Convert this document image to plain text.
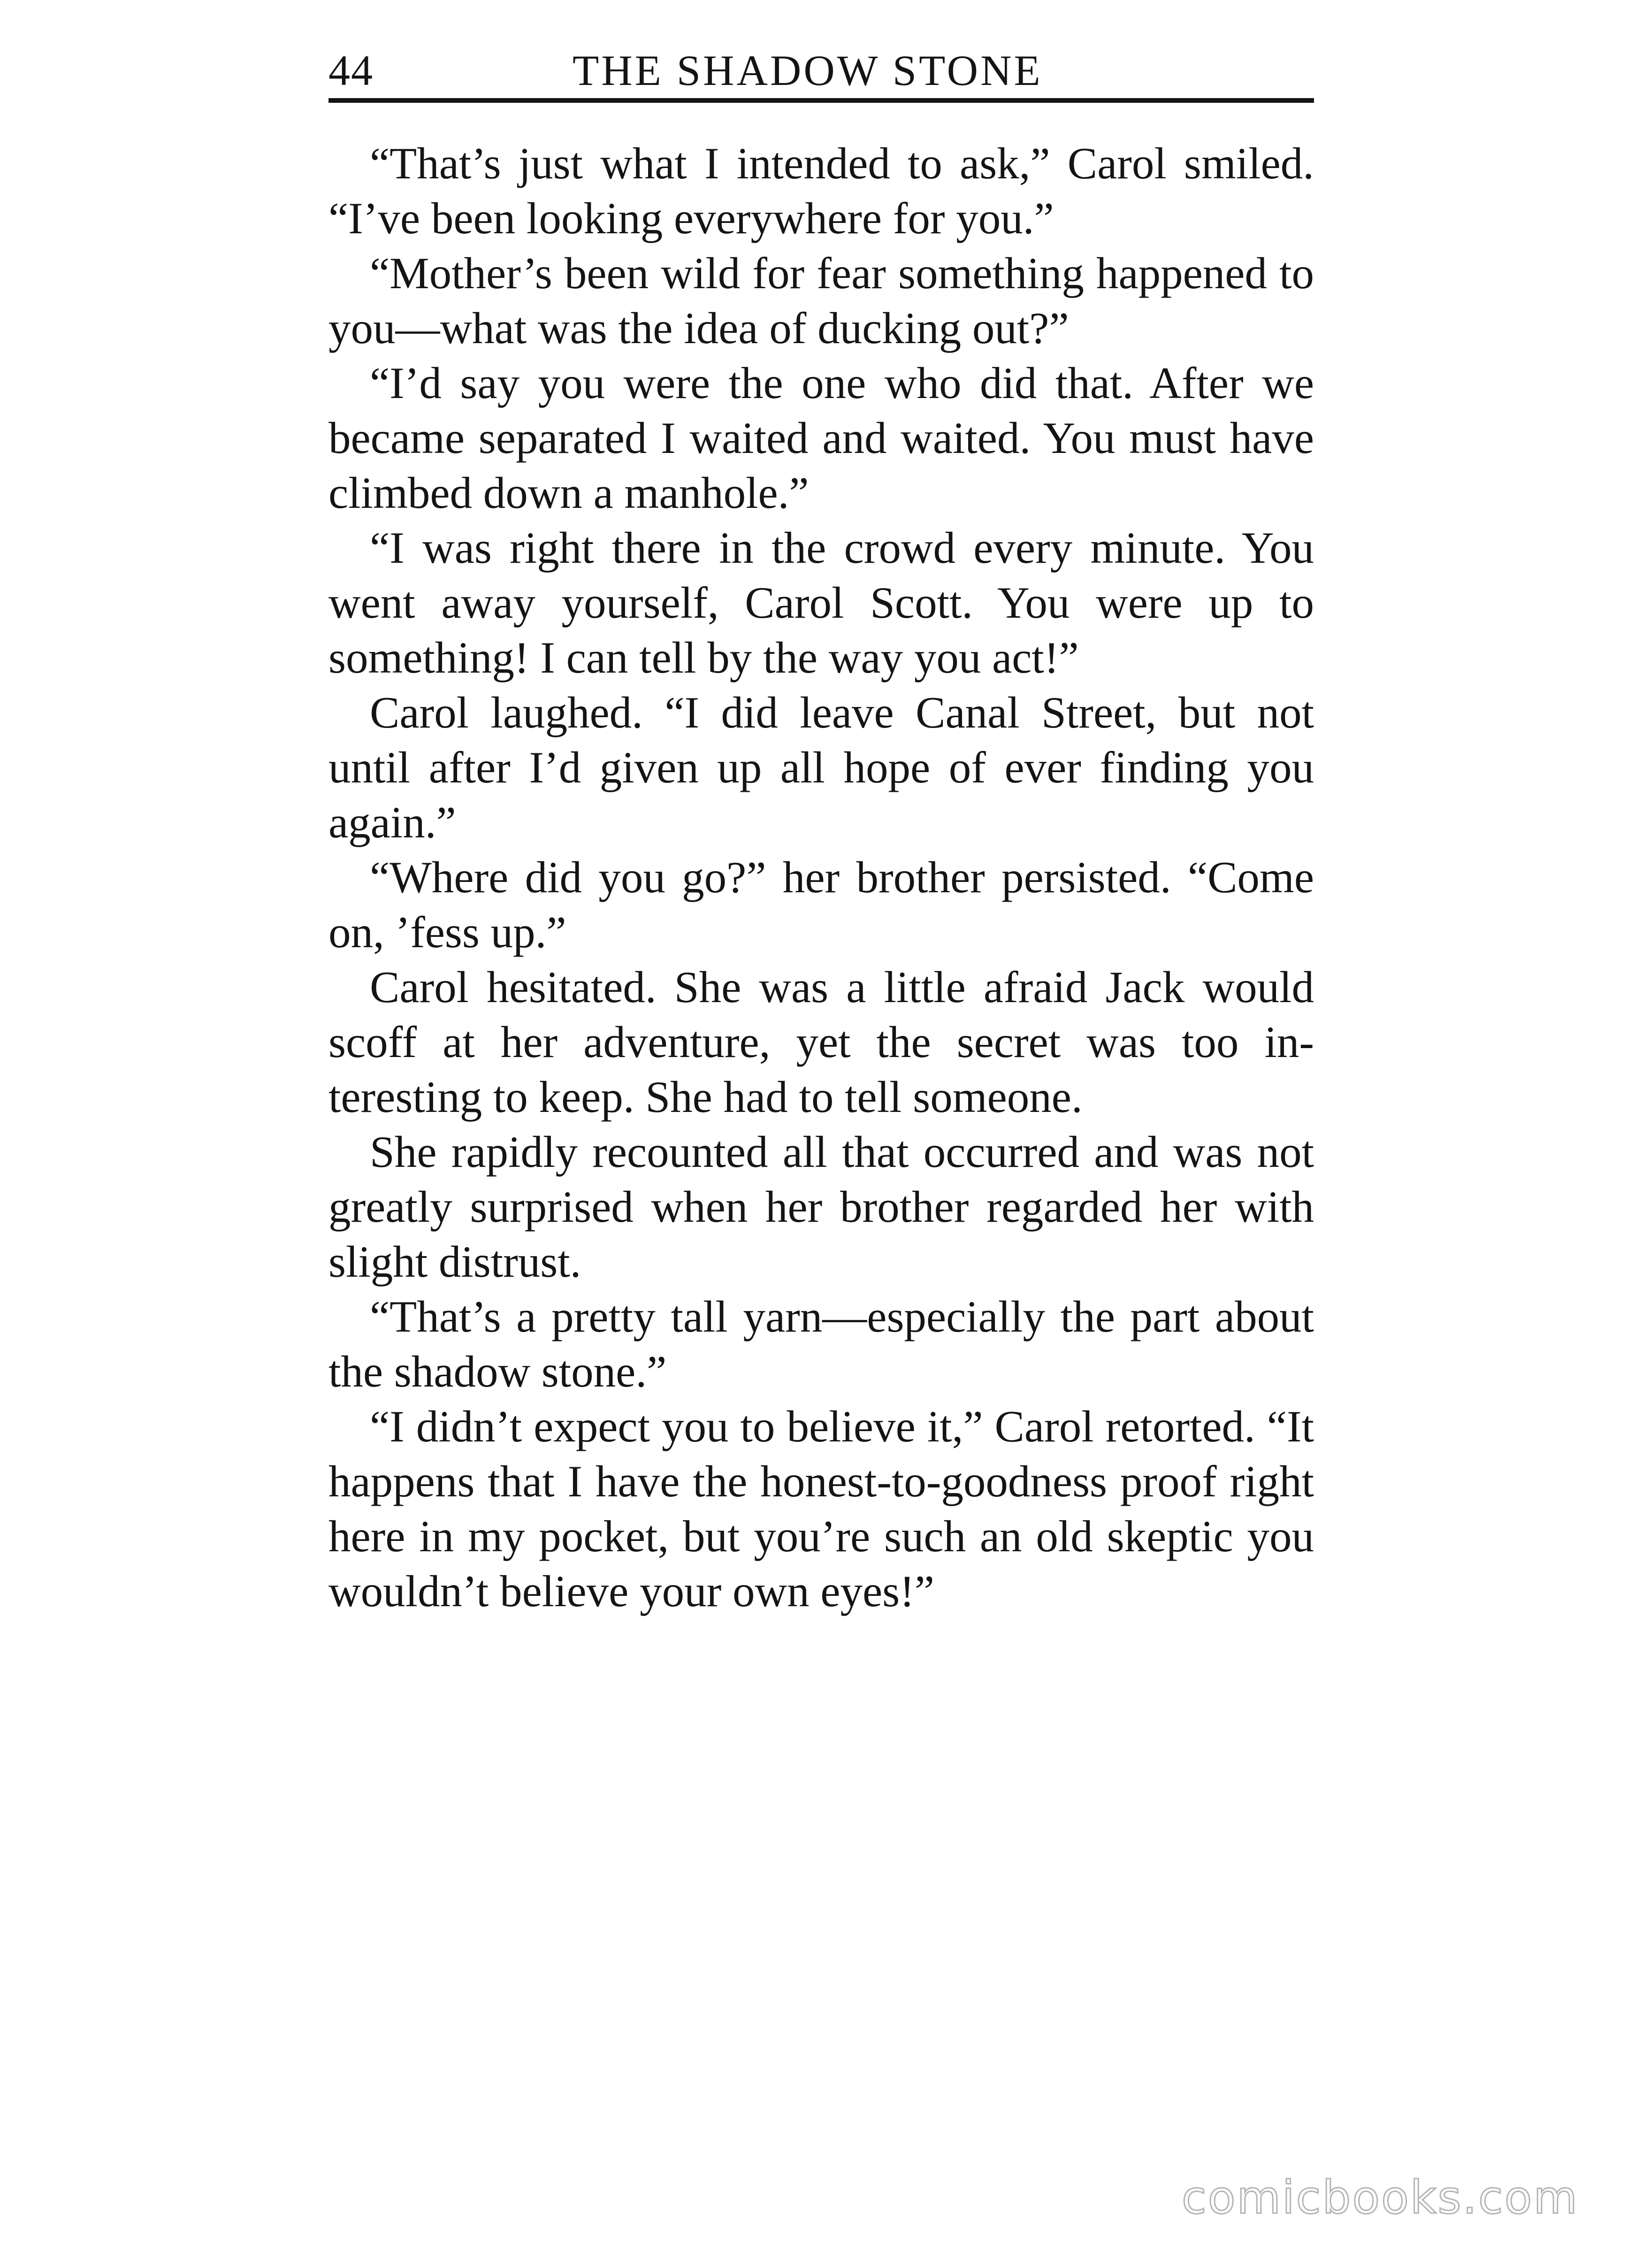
44	THE SHADOW STONE

“That’s just what I intended to ask,” Carol smiled. “I’ve been looking everywhere for you.”

“Mother’s been wild for fear something happened to you—what was the idea of ducking out?”

“I’d say you were the one who did that. After we became separated I waited and waited. You must have climbed down a manhole.”

“I was right there in the crowd every minute. You went away yourself, Carol Scott. You were up to something! I can tell by the way you act!”

Carol laughed. “I did leave Canal Street, but not until after I’d given up all hope of ever finding you again.”

“Where did you go?” her brother persisted. “Come on, ’fess up.”

Carol hesitated. She was a little afraid Jack would scoff at her adventure, yet the secret was too in-teresting to keep. She had to tell someone.

She rapidly recounted all that occurred and was not greatly surprised when her brother regarded her with slight distrust.

“That’s a pretty tall yarn—especially the part about the shadow stone.”

“I didn’t expect you to believe it,” Carol retorted. “It happens that I have the honest-to-goodness proof right here in my pocket, but you’re such an old skeptic you wouldn’t believe your own eyes!”

comicbooks.com
